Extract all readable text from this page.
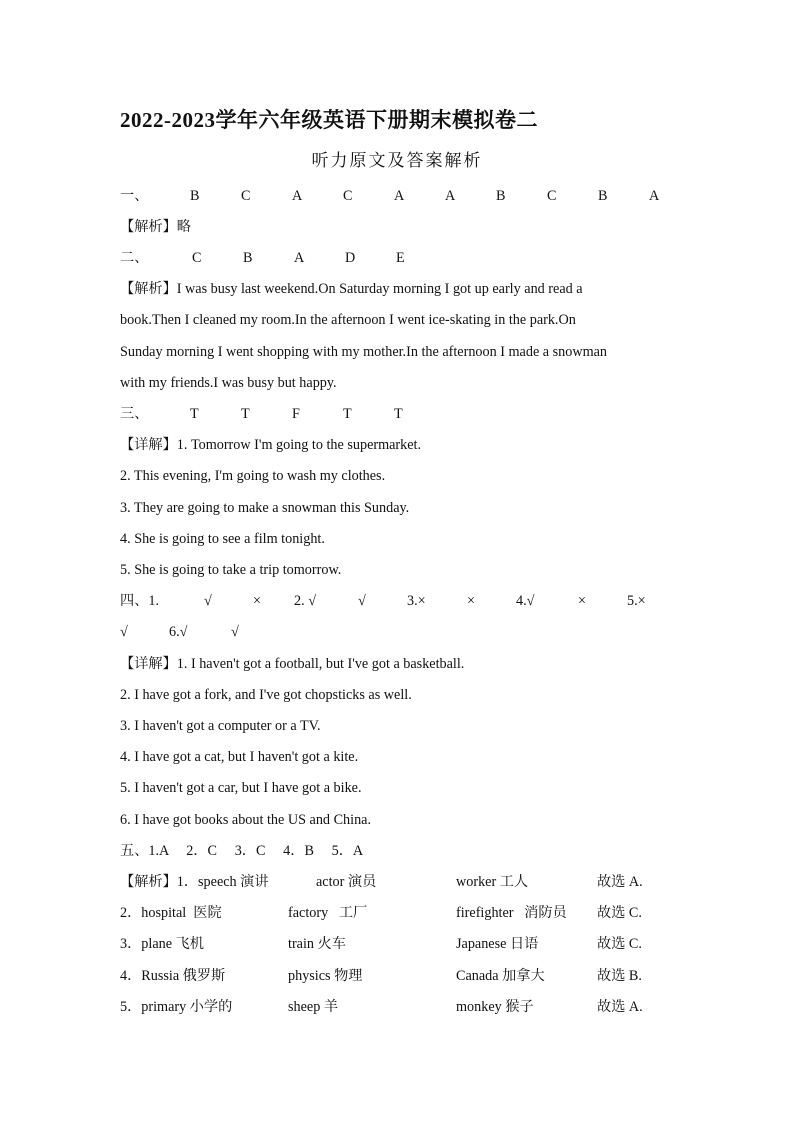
2022-2023学年六年级英语下册期末模拟卷二
听力原文及答案解析
一、	B	C	A	C	A	A	B	C	B	A
【解析】略
二、	C	B	A	D	E
【解析】I was busy last weekend.On Saturday morning I got up early and read a
book.Then I cleaned my room.In the afternoon I went ice-skating in the park.On
Sunday morning I went shopping with my mother.In the afternoon I made a snowman
with my friends.I was busy but happy.
三、	T	T	F	T	T
【详解】1. Tomorrow I'm going to the supermarket.
2. This evening, I'm going to wash my clothes.
3. They are going to make a snowman this Sunday.
4. She is going to see a film tonight.
5. She is going to take a trip tomorrow.
四、1.	√	× 2. √	√	3.×	×	4.√	×	5.×
√	6.√	√
【详解】1. I haven't got a football, but I've got a basketball.
2. I have got a fork, and I've got chopsticks as well.
3. I haven't got a computer or a TV.
4. I have got a cat, but I haven't got a kite.
5. I haven't got a car, but I have got a bike.
6. I have got books about the US and China.
五、1.A     2．C     3．C     4．B     5．A
【解析】1．speech 演讲	actor 演员	worker 工人	故选 A.
2．hospital  医院	factory   工厂	firefighter   消防员 故选 C.
3．plane 飞机	train 火车	Japanese 日语	故选 C.
4．Russia 俄罗斯	physics 物理	Canada 加拿大	故选 B.
5．primary 小学的	sheep 羊	monkey 猴子	故选 A.
